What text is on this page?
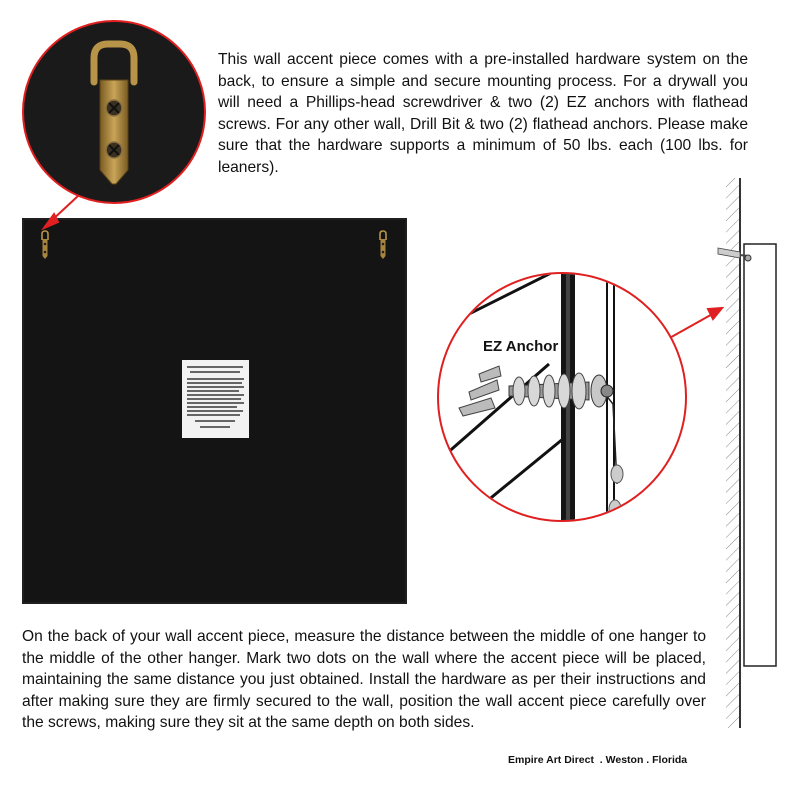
This wall accent piece comes with a pre-installed hardware system on the back, to ensure a simple and secure mounting process. For a drywall you will need a Phillips-head screwdriver & two (2) EZ anchors with flathead screws. For any other wall, Drill Bit & two (2) flathead anchors. Please make sure that the hardware supports a minimum of 50 lbs. each (100 lbs. for leaners).
EZ Anchor
On the back of your wall accent piece, measure the distance between the middle of one hanger to the middle of the other hanger. Mark two dots on the wall where the accent piece will be placed, maintaining the same distance you just obtained. Install the hardware as per their instructions and after making sure they are firmly secured to the wall, position the wall accent piece carefully over the screws, making sure they sit at the same depth on both sides.
Empire Art Direct  . Weston . Florida
